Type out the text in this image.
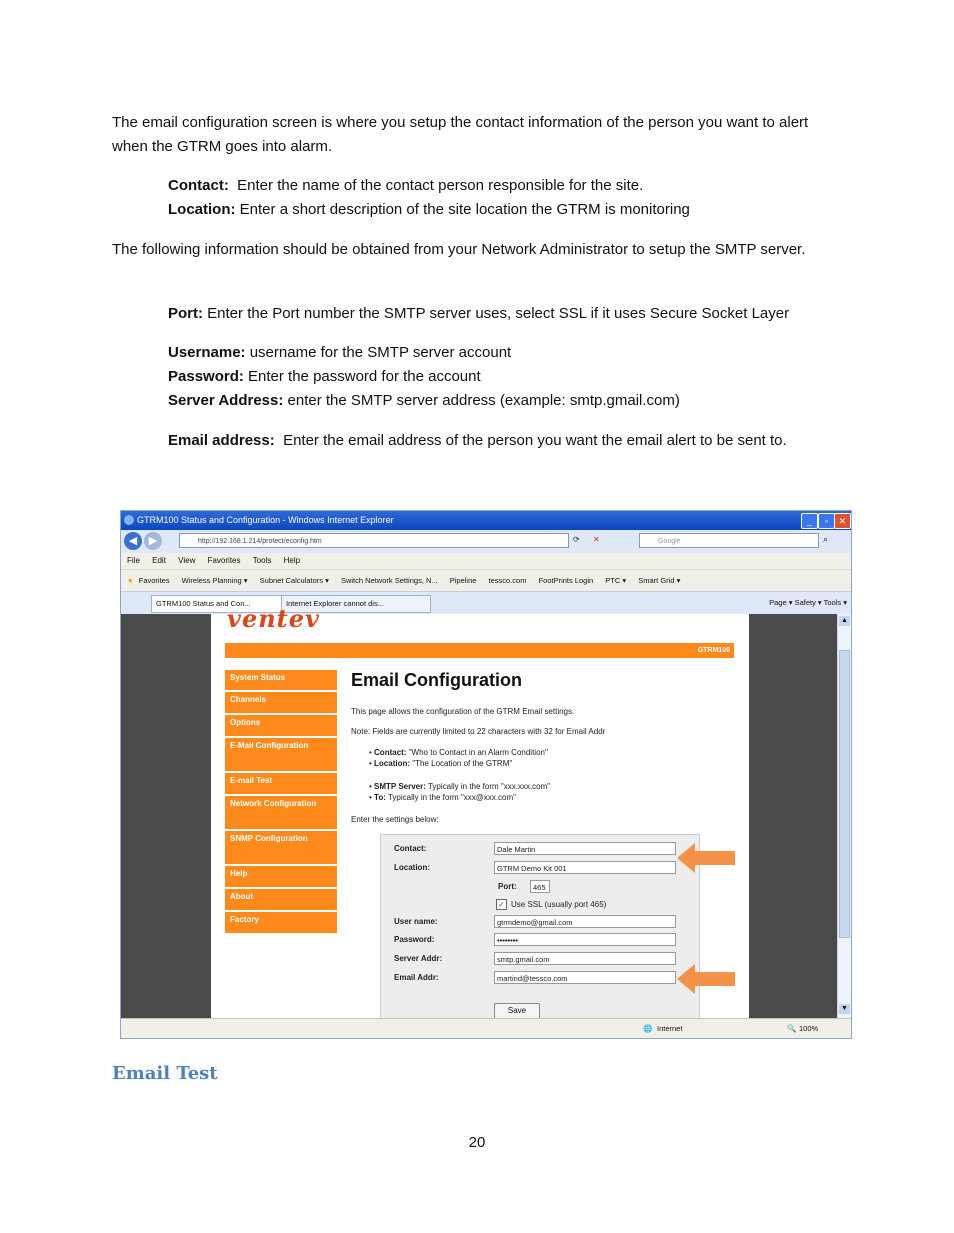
The email configuration screen is where you setup the contact information of the person you want to alert when the GTRM goes into alarm.

Contact: Enter the name of the contact person responsible for the site.

Location: Enter a short description of the site location the GTRM is monitoring

The following information should be obtained from your Network Administrator to setup the SMTP server.

Port: Enter the Port number the SMTP server uses, select SSL if it uses Secure Socket Layer

Username: username for the SMTP server account

Password: Enter the password for the account

Server Address: enter the SMTP server address (example: smtp.gmail.com)

Email address: Enter the email address of the person you want the email alert to be sent to.

GTRM100 Status and Configuration - Windows Internet Explorer	_	▫	✕
◀	▶	http://192.168.1.214/protect/econfig.htm	⟳ ✕	Google	⌕
File Edit View Favorites Tools Help
★ Favorites Wireless Planning ▾ Subnet Calculators ▾ Switch Network Settings, N... Pipeline tessco.com FootPrints Login PTC ▾ Smart Grid ▾
GTRM100 Status and Con...	Internet Explorer cannot dis...	Page ▾ Safety ▾ Tools ▾
ventev
GTRM100
System Status
Channels
Options
E-Mail Configuration
E-mail Test
Network Configuration
SNMP Configuration
Help
About
Factory
Email Configuration

This page allows the configuration of the GTRM Email settings.

Note: Fields are currently limited to 22 characters with 32 for Email Addr

• Contact: "Who to Contact in an Alarm Condition"

• Location: "The Location of the GTRM"

• SMTP Server: Typically in the form "xxx.xxx.com"

• To: Typically in the form "xxx@xxx.com"

Enter the settings below:

Contact:	Dale Martin
Location:	GTRM Demo Kit 001
Port:	465
✓ Use SSL (usually port 465)
User name:	gtrmdemo@gmail.com
Password:	••••••••
Server Addr:	smtp.gmail.com
Email Addr:	martind@tessco.com
Save
▲
▼
🌐 Internet	🔍 100%
Email Test
20
